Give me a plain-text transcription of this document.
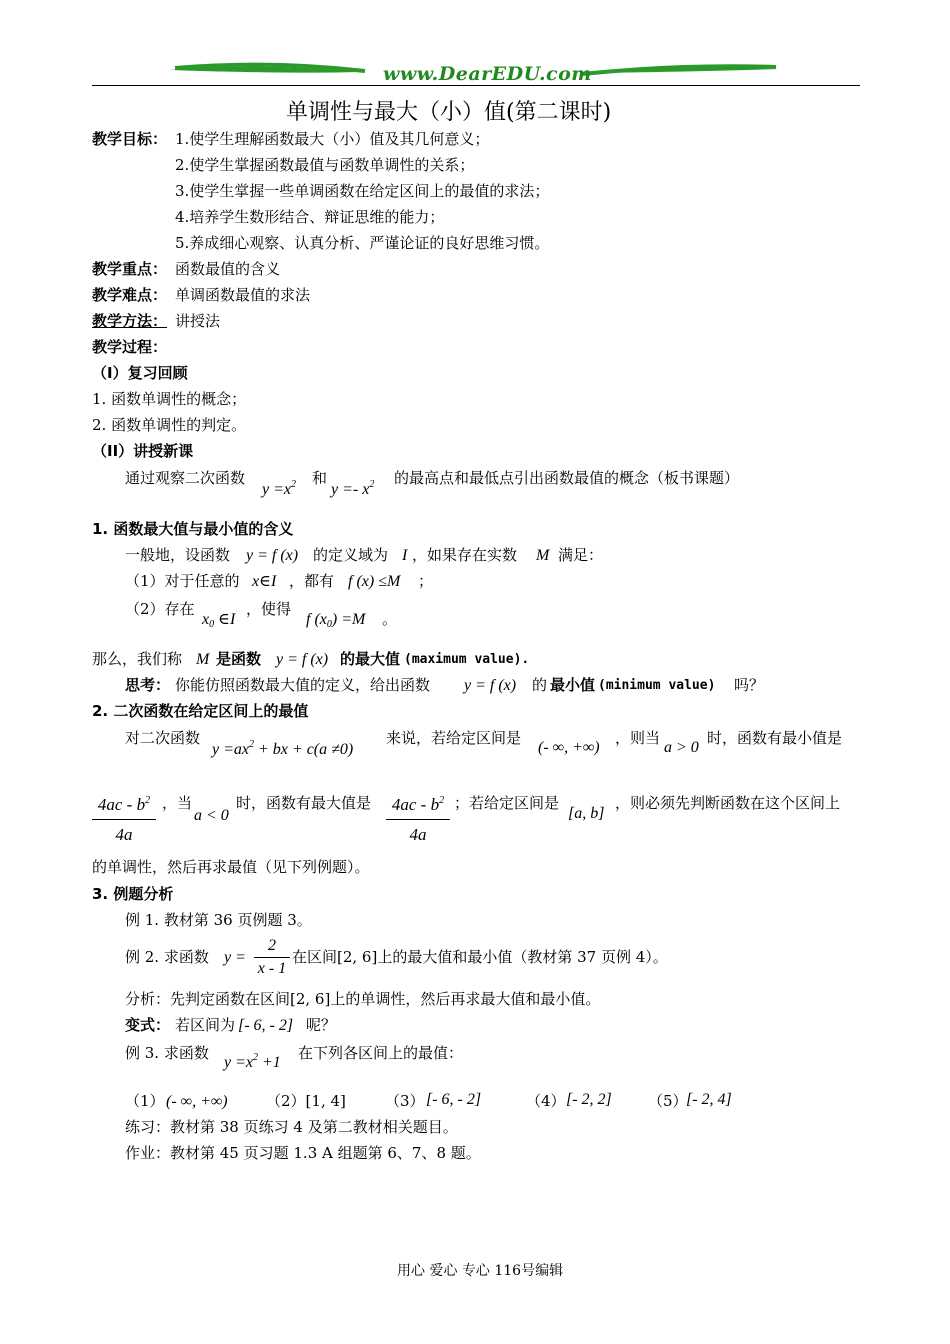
www.DearEDU.com
单调性与最大（小）值(第二课时)
教学目标： 1.使学生理解函数最大（小）值及其几何意义；
2.使学生掌握函数最值与函数单调性的关系；
3.使学生掌握一些单调函数在给定区间上的最值的求法；
4.培养学生数形结合、辩证思维的能力；
5.养成细心观察、认真分析、严谨论证的良好思维习惯。
教学重点： 函数最值的含义
教学难点： 单调函数最值的求法
教学方法： 讲授法
教学过程：
（I）复习回顾
1. 函数单调性的概念；
2. 函数单调性的判定。
（II）讲授新课
通过观察二次函数
$y =x^2$ 和
$y =- x^2$ 的最高点和最低点引出函数最值的概念（板书课题）
1. 函数最大值与最小值的含义
一般地，设函数 y = f (x) 的定义域为 I ，如果存在实数 M 满足：
（1）对于任意的 x∈I ，都有 f (x) ≤M ；
（2）存在
$x_0$ ∈I
，使得
f $(x_0) =M$ 。
那么，我们称 M 是函数 y = f (x) 的最大值 (maximum value).
思考： 你能仿照函数最大值的定义，给出函数 y = f (x) 的 最小值 (minimum value) 吗？
2. 二次函数在给定区间上的最值
对二次函数
$y =ax^2$ + bx + c(a ≠0)
来说，若给定区间是
(- ∞, +∞)
，则当
a > 0
时，函数有最小值是
$4ac - b^2$
4a
，当
a < 0
时，函数有最大值是	$4ac - b^2$
4a
；若给定区间是
[a, b]
，则必须先判断函数在这个区间上
的单调性，然后再求最值（见下列例题）。
3. 例题分析
例 1. 教材第 36 页例题 3。
例 2. 求函数 y =
2
x - 1
在区间[2, 6]上的最大值和最小值（教材第 37 页例 4）。
分析：先判定函数在区间[2, 6]上的单调性，然后再求最大值和最小值。
变式： 若区间为 [- 6, - 2] 呢？
例 3. 求函数
$y =x^2 +1$
在下列各区间上的最值：
（1） (- ∞, +∞)	（2）[1, 4]	（3） [- 6, - 2]	（4） [- 2, 2] （5）
[- 2, 4]
练习：教材第 38 页练习 4 及第二教材相关题目。
作业：教材第 45 页习题 1.3 A 组题第 6、7、8 题。
用心 爱心 专心 116号编辑
